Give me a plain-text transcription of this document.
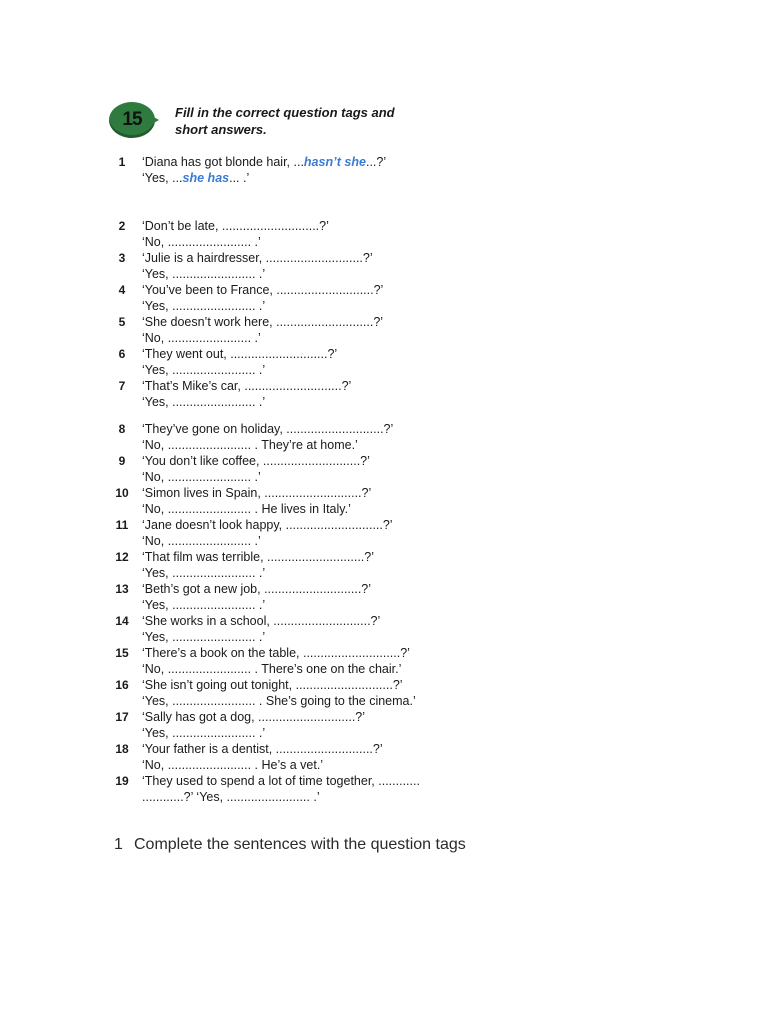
15	Fill in the correct question tags and
short answers.
1	‘Diana has got blonde hair, ...hasn’t she...?’
‘Yes, ...she has... .’
2	‘Don’t be late, ............................?’
‘No, ........................ .’
3	‘Julie is a hairdresser, ............................?’
‘Yes, ........................ .’
4	‘You’ve been to France, ............................?’
‘Yes, ........................ .’
5	‘She doesn’t work here, ............................?’
‘No, ........................ .’
6	‘They went out, ............................?’
‘Yes, ........................ .’
7	‘That’s Mike’s car, ............................?’
‘Yes, ........................ .’
8	‘They’ve gone on holiday, ............................?’
‘No, ........................ . They’re at home.’
9	‘You don’t like coffee, ............................?’
‘No, ........................ .’
10	‘Simon lives in Spain, ............................?’
‘No, ........................ . He lives in Italy.’
11	‘Jane doesn’t look happy, ............................?’
‘No, ........................ .’
12	‘That film was terrible, ............................?’
‘Yes, ........................ .’
13	‘Beth’s got a new job, ............................?’
‘Yes, ........................ .’
14	‘She works in a school, ............................?’
‘Yes, ........................ .’
15	‘There’s a book on the table, ............................?’
‘No, ........................ . There’s one on the chair.’
16	‘She isn’t going out tonight, ............................?’
‘Yes, ........................ . She’s going to the cinema.’
17	‘Sally has got a dog, ............................?’
‘Yes, ........................ .’
18	‘Your father is a dentist, ............................?’
‘No, ........................ . He’s a vet.’
19	‘They used to spend a lot of time together, ............
............?’ ‘Yes, ........................ .’
1 Complete the sentences with the question tags
